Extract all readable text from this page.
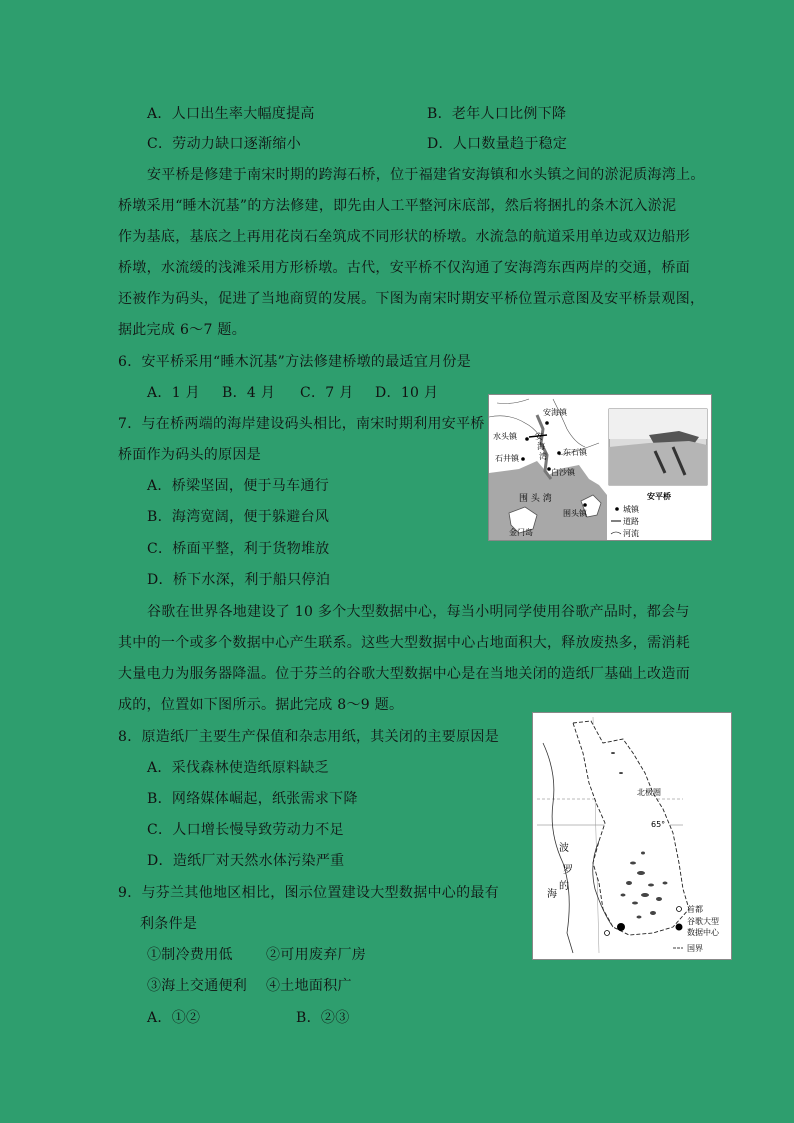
A．人口出生率大幅度提高	B．老年人口比例下降
C．劳动力缺口逐渐缩小	D．人口数量趋于稳定
安平桥是修建于南宋时期的跨海石桥，位于福建省安海镇和水头镇之间的淤泥质海湾上。
桥墩采用“睡木沉基”的方法修建，即先由人工平整河床底部，然后将捆扎的条木沉入淤泥
作为基底，基底之上再用花岗石垒筑成不同形状的桥墩。水流急的航道采用单边或双边船形
桥墩，水流缓的浅滩采用方形桥墩。古代，安平桥不仅沟通了安海湾东西两岸的交通，桥面
还被作为码头，促进了当地商贸的发展。下图为南宋时期安平桥位置示意图及安平桥景观图，
据此完成 6～7 题。
6．安平桥采用“睡木沉基”方法修建桥墩的最适宜月份是
A．1 月 B．4 月 C．7 月 D．10 月
7．与在桥两端的海岸建设码头相比，南宋时期利用安平桥
桥面作为码头的原因是
A．桥梁坚固，便于马车通行
B．海湾宽阔，便于躲避台风
C．桥面平整，利于货物堆放
D．桥下水深，利于船只停泊
安海镇
水头镇
石井镇
东石镇
白沙镇
围头镇
金门岛
安
海
湾
围 头 湾	安平桥
城镇
道路
河流
谷歌在世界各地建设了 10 多个大型数据中心，每当小明同学使用谷歌产品时，都会与
其中的一个或多个数据中心产生联系。这些大型数据中心占地面积大，释放废热多，需消耗
大量电力为服务器降温。位于芬兰的谷歌大型数据中心是在当地关闭的造纸厂基础上改造而
成的，位置如下图所示。据此完成 8～9 题。
8．原造纸厂主要生产保值和杂志用纸，其关闭的主要原因是
A．采伐森林使造纸原料缺乏
B．网络媒体崛起，纸张需求下降
C．人口增长慢导致劳动力不足
D．造纸厂对天然水体污染严重
9．与芬兰其他地区相比，图示位置建设大型数据中心的最有
利条件是
①制冷费用低 ②可用废弃厂房
③海上交通便利 ④土地面积广
A．①②	B．②③
北极圈
65°
波
罗
的
海
首都
谷歌大型
数据中心
国界
